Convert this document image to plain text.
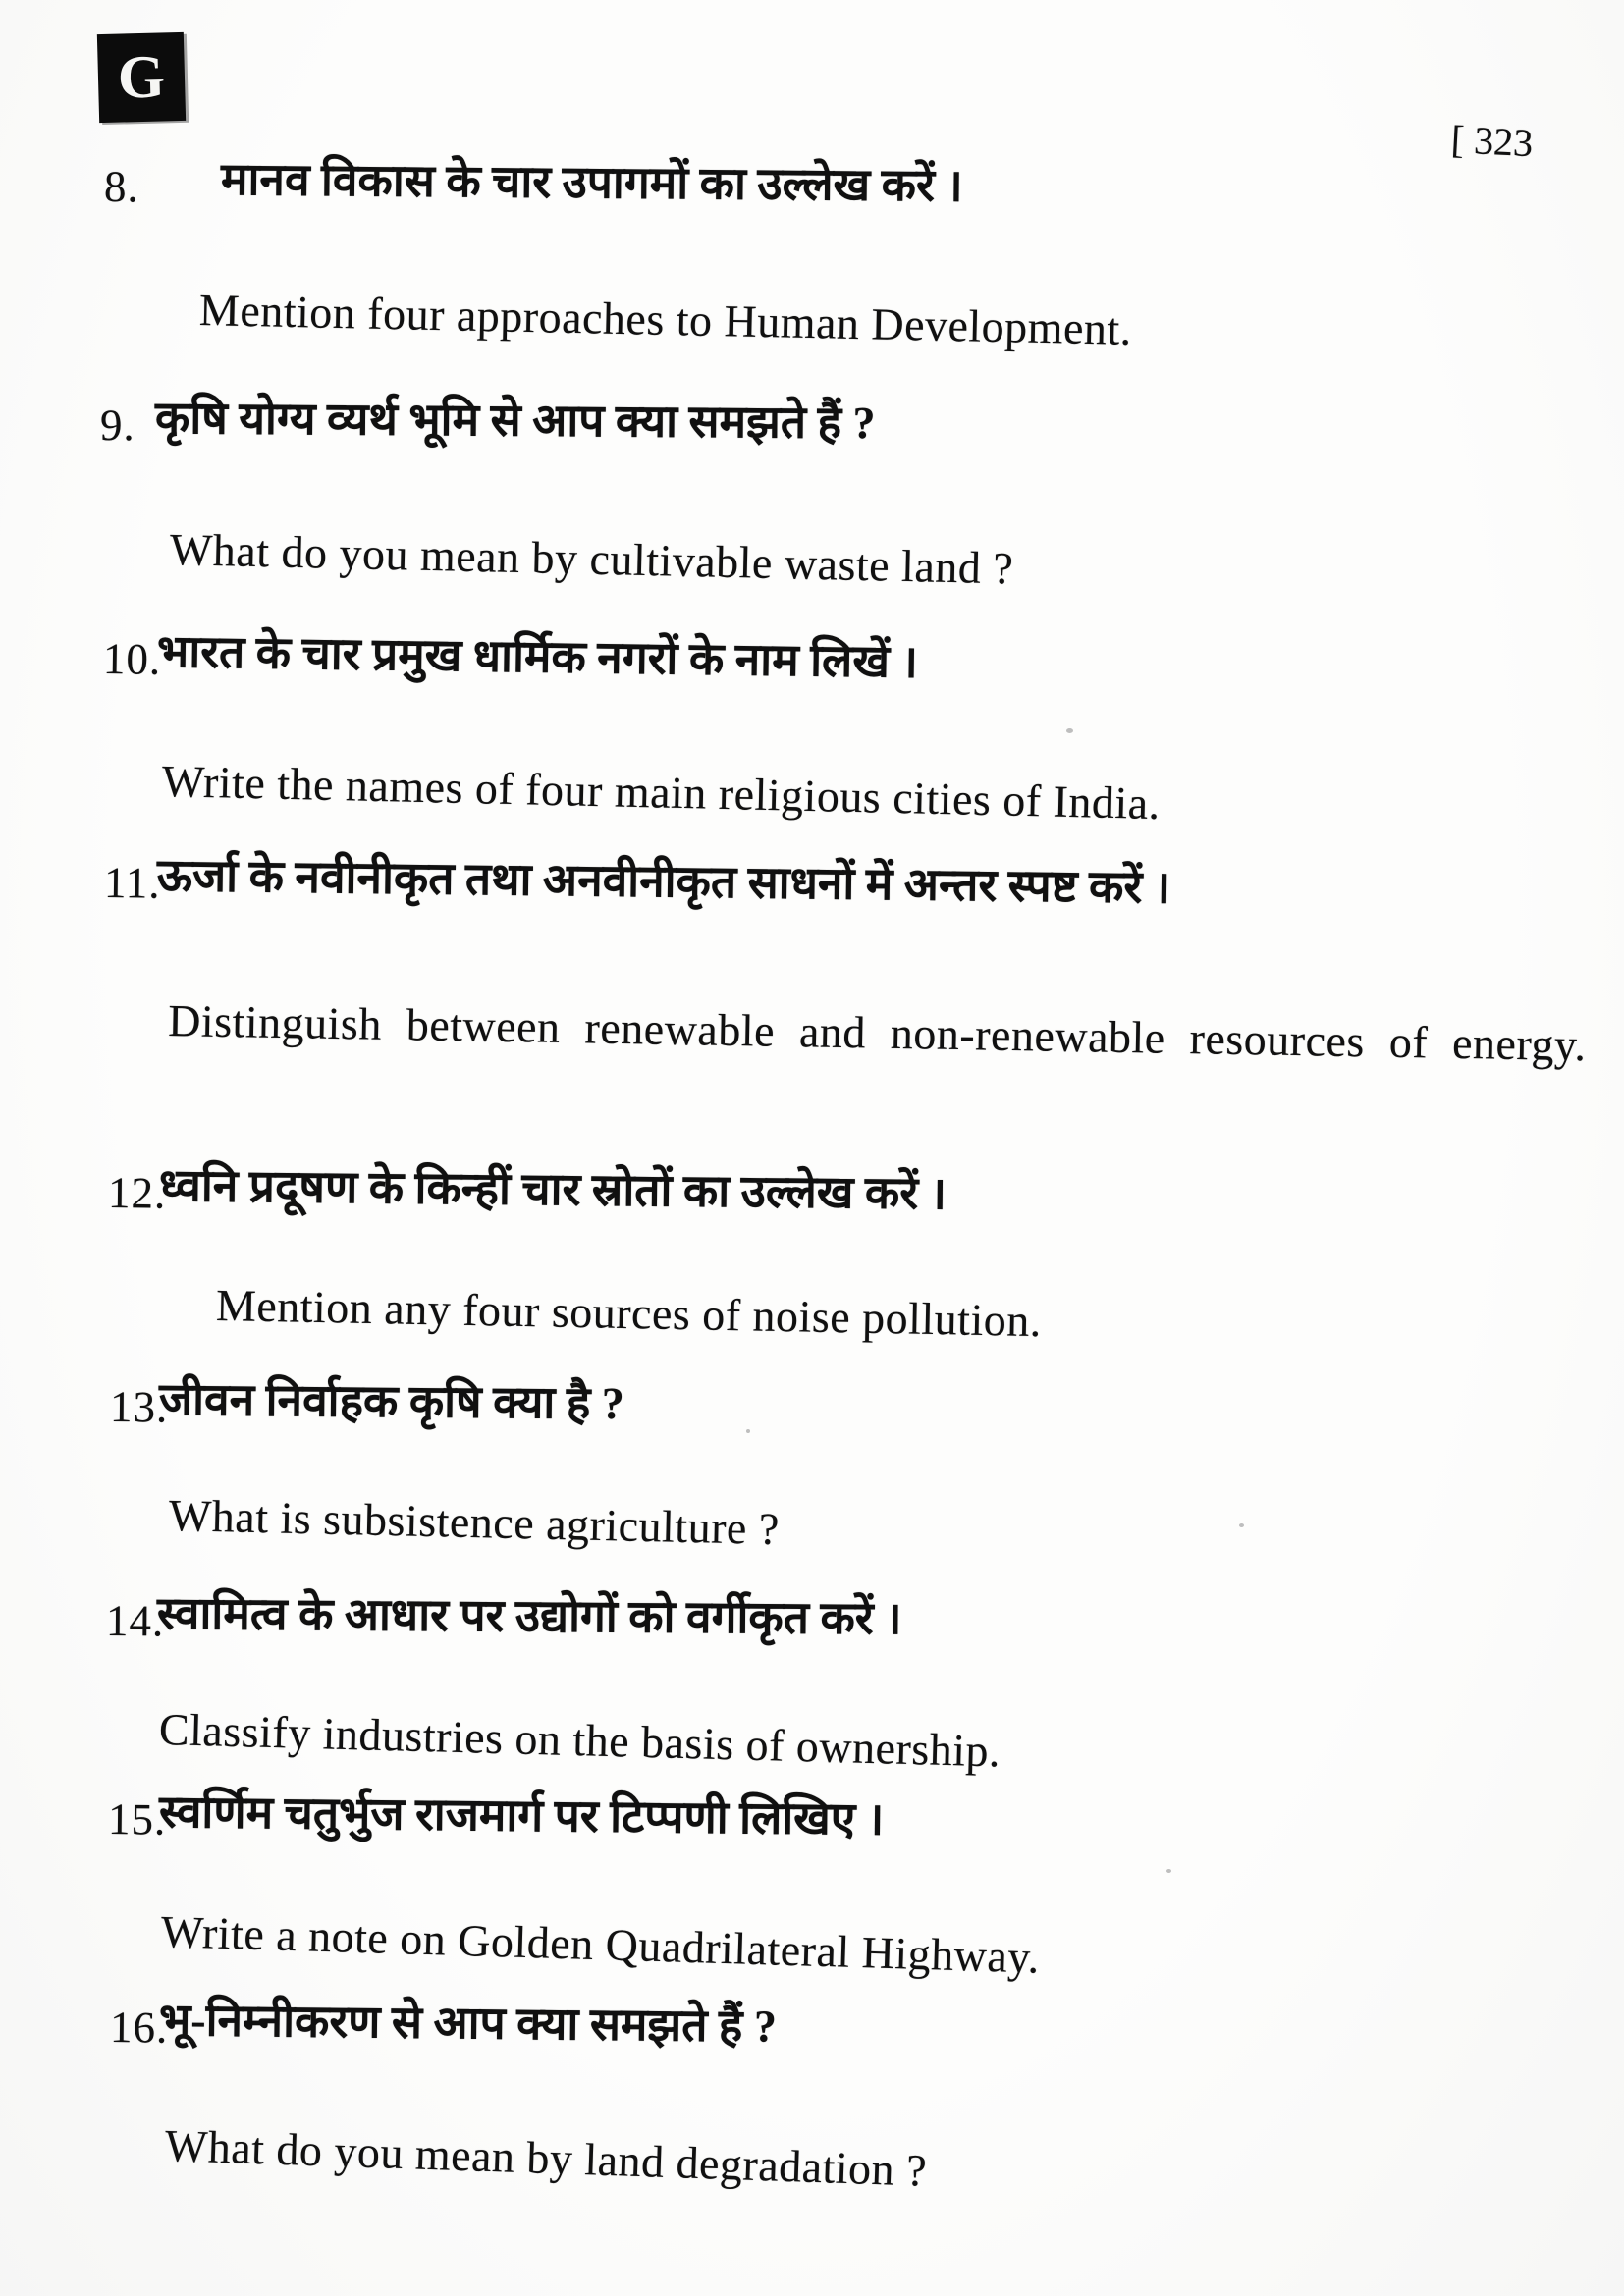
G
[ 323
8. मानव विकास के चार उपागमों का उल्लेख करें ।
Mention four approaches to Human Development.
9. कृषि योग्य व्यर्थ भूमि से आप क्या समझते हैं ?
What do you mean by cultivable waste land ?
10.
भारत के चार प्रमुख धार्मिक नगरों के नाम लिखें ।
Write the names of four main religious cities of India.
11.
ऊर्जा के नवीनीकृत तथा अनवीनीकृत साधनों में अन्तर स्पष्ट करें ।
Distinguish between renewable and non-renewable resources of energy.
12.
ध्वनि प्रदूषण के किन्हीं चार स्रोतों का उल्लेख करें ।
Mention any four sources of noise pollution.
13.
जीवन निर्वाहक कृषि क्या है ?
What is subsistence agriculture ?
14.
स्वामित्व के आधार पर उद्योगों को वर्गीकृत करें ।
Classify industries on the basis of ownership.
15.
स्वर्णिम चतुर्भुज राजमार्ग पर टिप्पणी लिखिए ।
Write a note on Golden Quadrilateral Highway.
16.
भू-निम्नीकरण से आप क्या समझते हैं ?
What do you mean by land degradation ?
